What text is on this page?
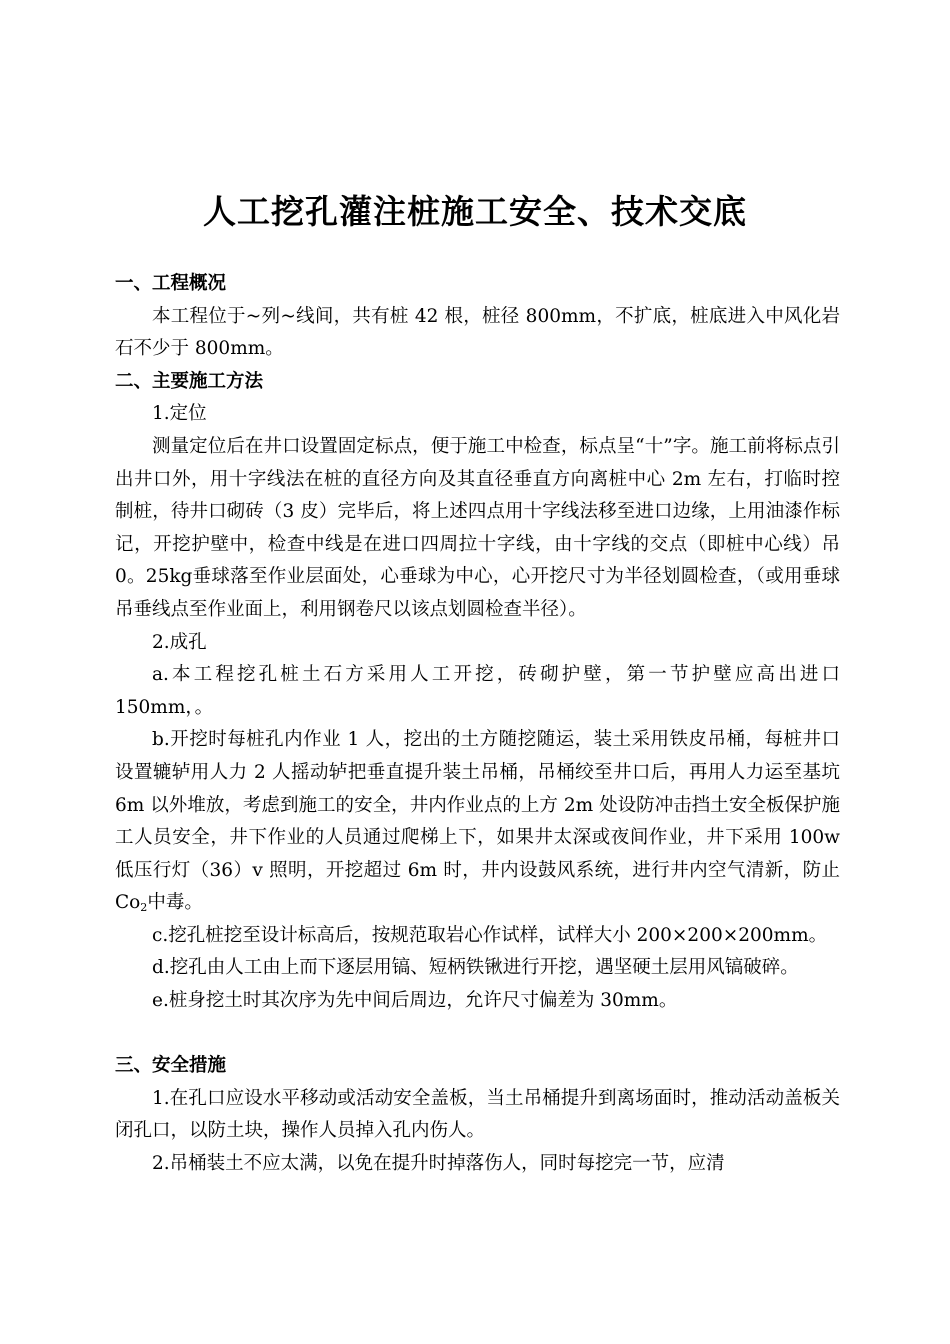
人工挖孔灌注桩施工安全、技术交底

一、工程概况

本工程位于~列~线间，共有桩 42 根，桩径 800mm，不扩底，桩底进入中风化岩石不少于 800mm。

二、主要施工方法

1.定位

测量定位后在井口设置固定标点，便于施工中检查，标点呈“十”字。施工前将标点引出井口外，用十字线法在桩的直径方向及其直径垂直方向离桩中心 2m 左右，打临时控制桩，待井口砌砖（3 皮）完毕后，将上述四点用十字线法移至进口边缘，上用油漆作标记，开挖护壁中，检查中线是在进口四周拉十字线，由十字线的交点（即桩中心线）吊 0。25kg垂球落至作业层面处，心垂球为中心，心开挖尺寸为半径划圆检查，（或用垂球吊垂线点至作业面上，利用钢卷尺以该点划圆检查半径）。

2.成孔

a.本工程挖孔桩土石方采用人工开挖，砖砌护壁，第一节护壁应高出进口 150mm，。

b.开挖时每桩孔内作业 1 人，挖出的土方随挖随运，装土采用铁皮吊桶，每桩井口设置辘轳用人力 2 人摇动轳把垂直提升装土吊桶，吊桶绞至井口后，再用人力运至基坑 6m 以外堆放，考虑到施工的安全，井内作业点的上方 2m 处设防冲击挡土安全板保护施工人员安全，井下作业的人员通过爬梯上下，如果井太深或夜间作业，井下采用 100w 低压行灯（36）v 照明，开挖超过 6m 时，井内设鼓风系统，进行井内空气清新，防止 $Co_2$中毒。

c.挖孔桩挖至设计标高后，按规范取岩心作试样，试样大小 200×200×200mm。

d.挖孔由人工由上而下逐层用镐、短柄铁锹进行开挖，遇坚硬土层用风镐破碎。

e.桩身挖土时其次序为先中间后周边，允许尺寸偏差为 30mm。

三、安全措施

1.在孔口应设水平移动或活动安全盖板，当土吊桶提升到离场面时，推动活动盖板关闭孔口，以防土块，操作人员掉入孔内伤人。

2.吊桶装土不应太满，以免在提升时掉落伤人，同时每挖完一节，应清
